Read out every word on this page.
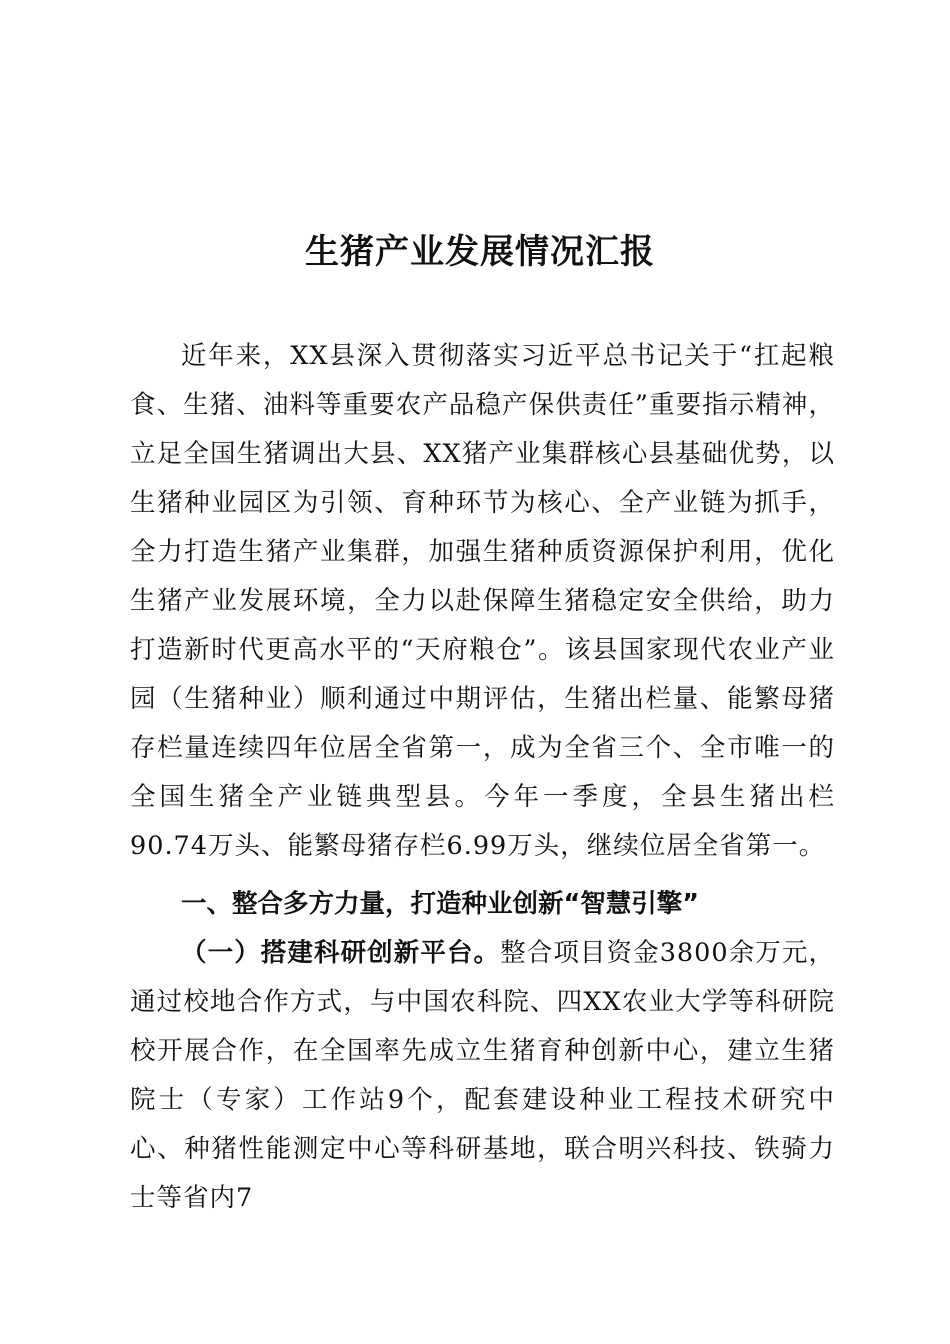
生猪产业发展情况汇报
近年来，XX县深入贯彻落实习近平总书记关于“扛起粮食、生猪、油料等重要农产品稳产保供责任”重要指示精神，立足全国生猪调出大县、XX猪产业集群核心县基础优势，以生猪种业园区为引领、育种环节为核心、全产业链为抓手，全力打造生猪产业集群，加强生猪种质资源保护利用，优化生猪产业发展环境，全力以赴保障生猪稳定安全供给，助力打造新时代更高水平的“天府粮仓”。该县国家现代农业产业园（生猪种业）顺利通过中期评估，生猪出栏量、能繁母猪存栏量连续四年位居全省第一，成为全省三个、全市唯一的全国生猪全产业链典型县。今年一季度，全县生猪出栏90.74万头、能繁母猪存栏6.99万头，继续位居全省第一。
一、整合多方力量，打造种业创新“智慧引擎”
（一）搭建科研创新平台。整合项目资金3800余万元，通过校地合作方式，与中国农科院、四XX农业大学等科研院校开展合作，在全国率先成立生猪育种创新中心，建立生猪院士（专家）工作站9个，配套建设种业工程技术研究中心、种猪性能测定中心等科研基地，联合明兴科技、铁骑力士等省内7
